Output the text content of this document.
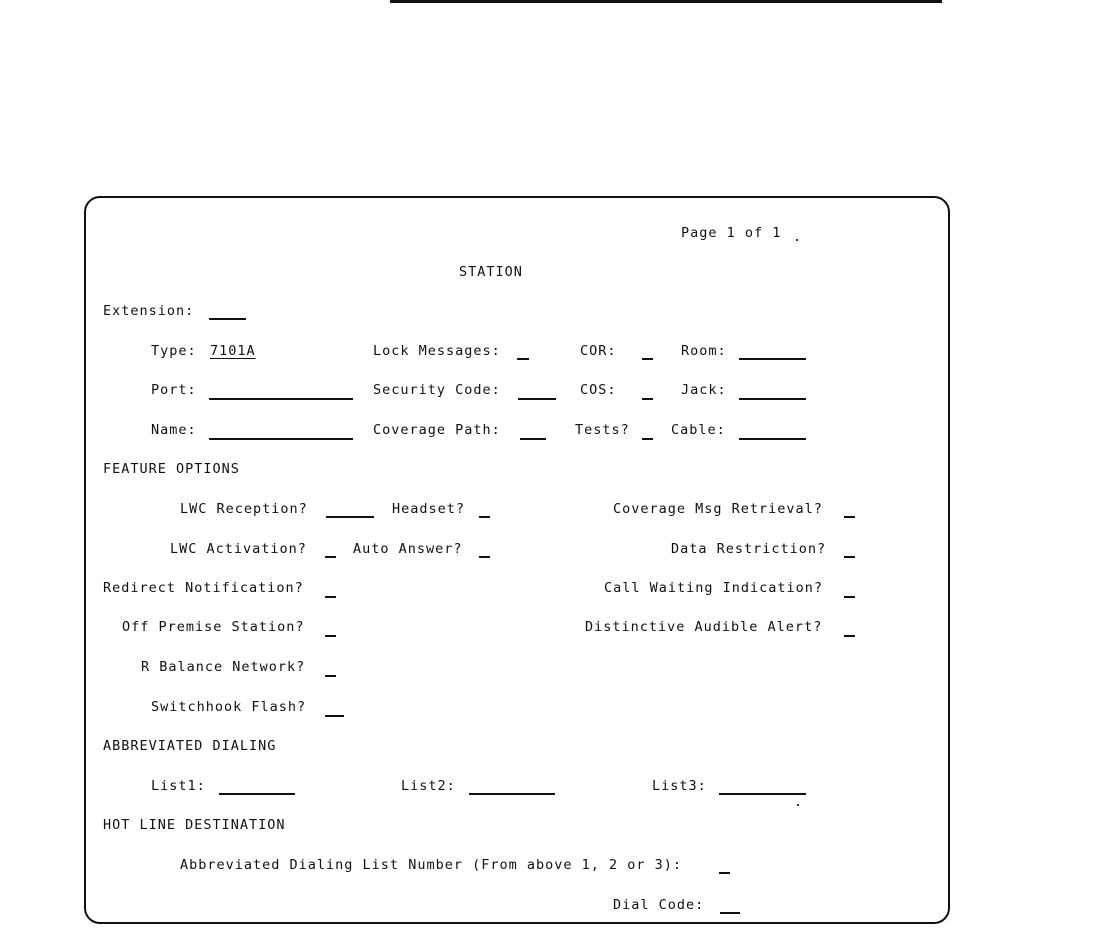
Page 1 of 1
STATION
Extension:
Type: 7101A	Lock Messages:	COR:	Room:
Port:	Security Code:	COS:	Jack:
Name:	Coverage Path:	Tests?	Cable:
FEATURE OPTIONS
LWC Reception?	Headset?	Coverage Msg Retrieval?
LWC Activation?	Auto Answer?	Data Restriction?
Redirect Notification?	Call Waiting Indication?
Off Premise Station?	Distinctive Audible Alert?
R Balance Network?
Switchhook Flash?
ABBREVIATED DIALING
List1:	List2:	List3:
HOT LINE DESTINATION
Abbreviated Dialing List Number (From above 1, 2 or 3):
Dial Code:
